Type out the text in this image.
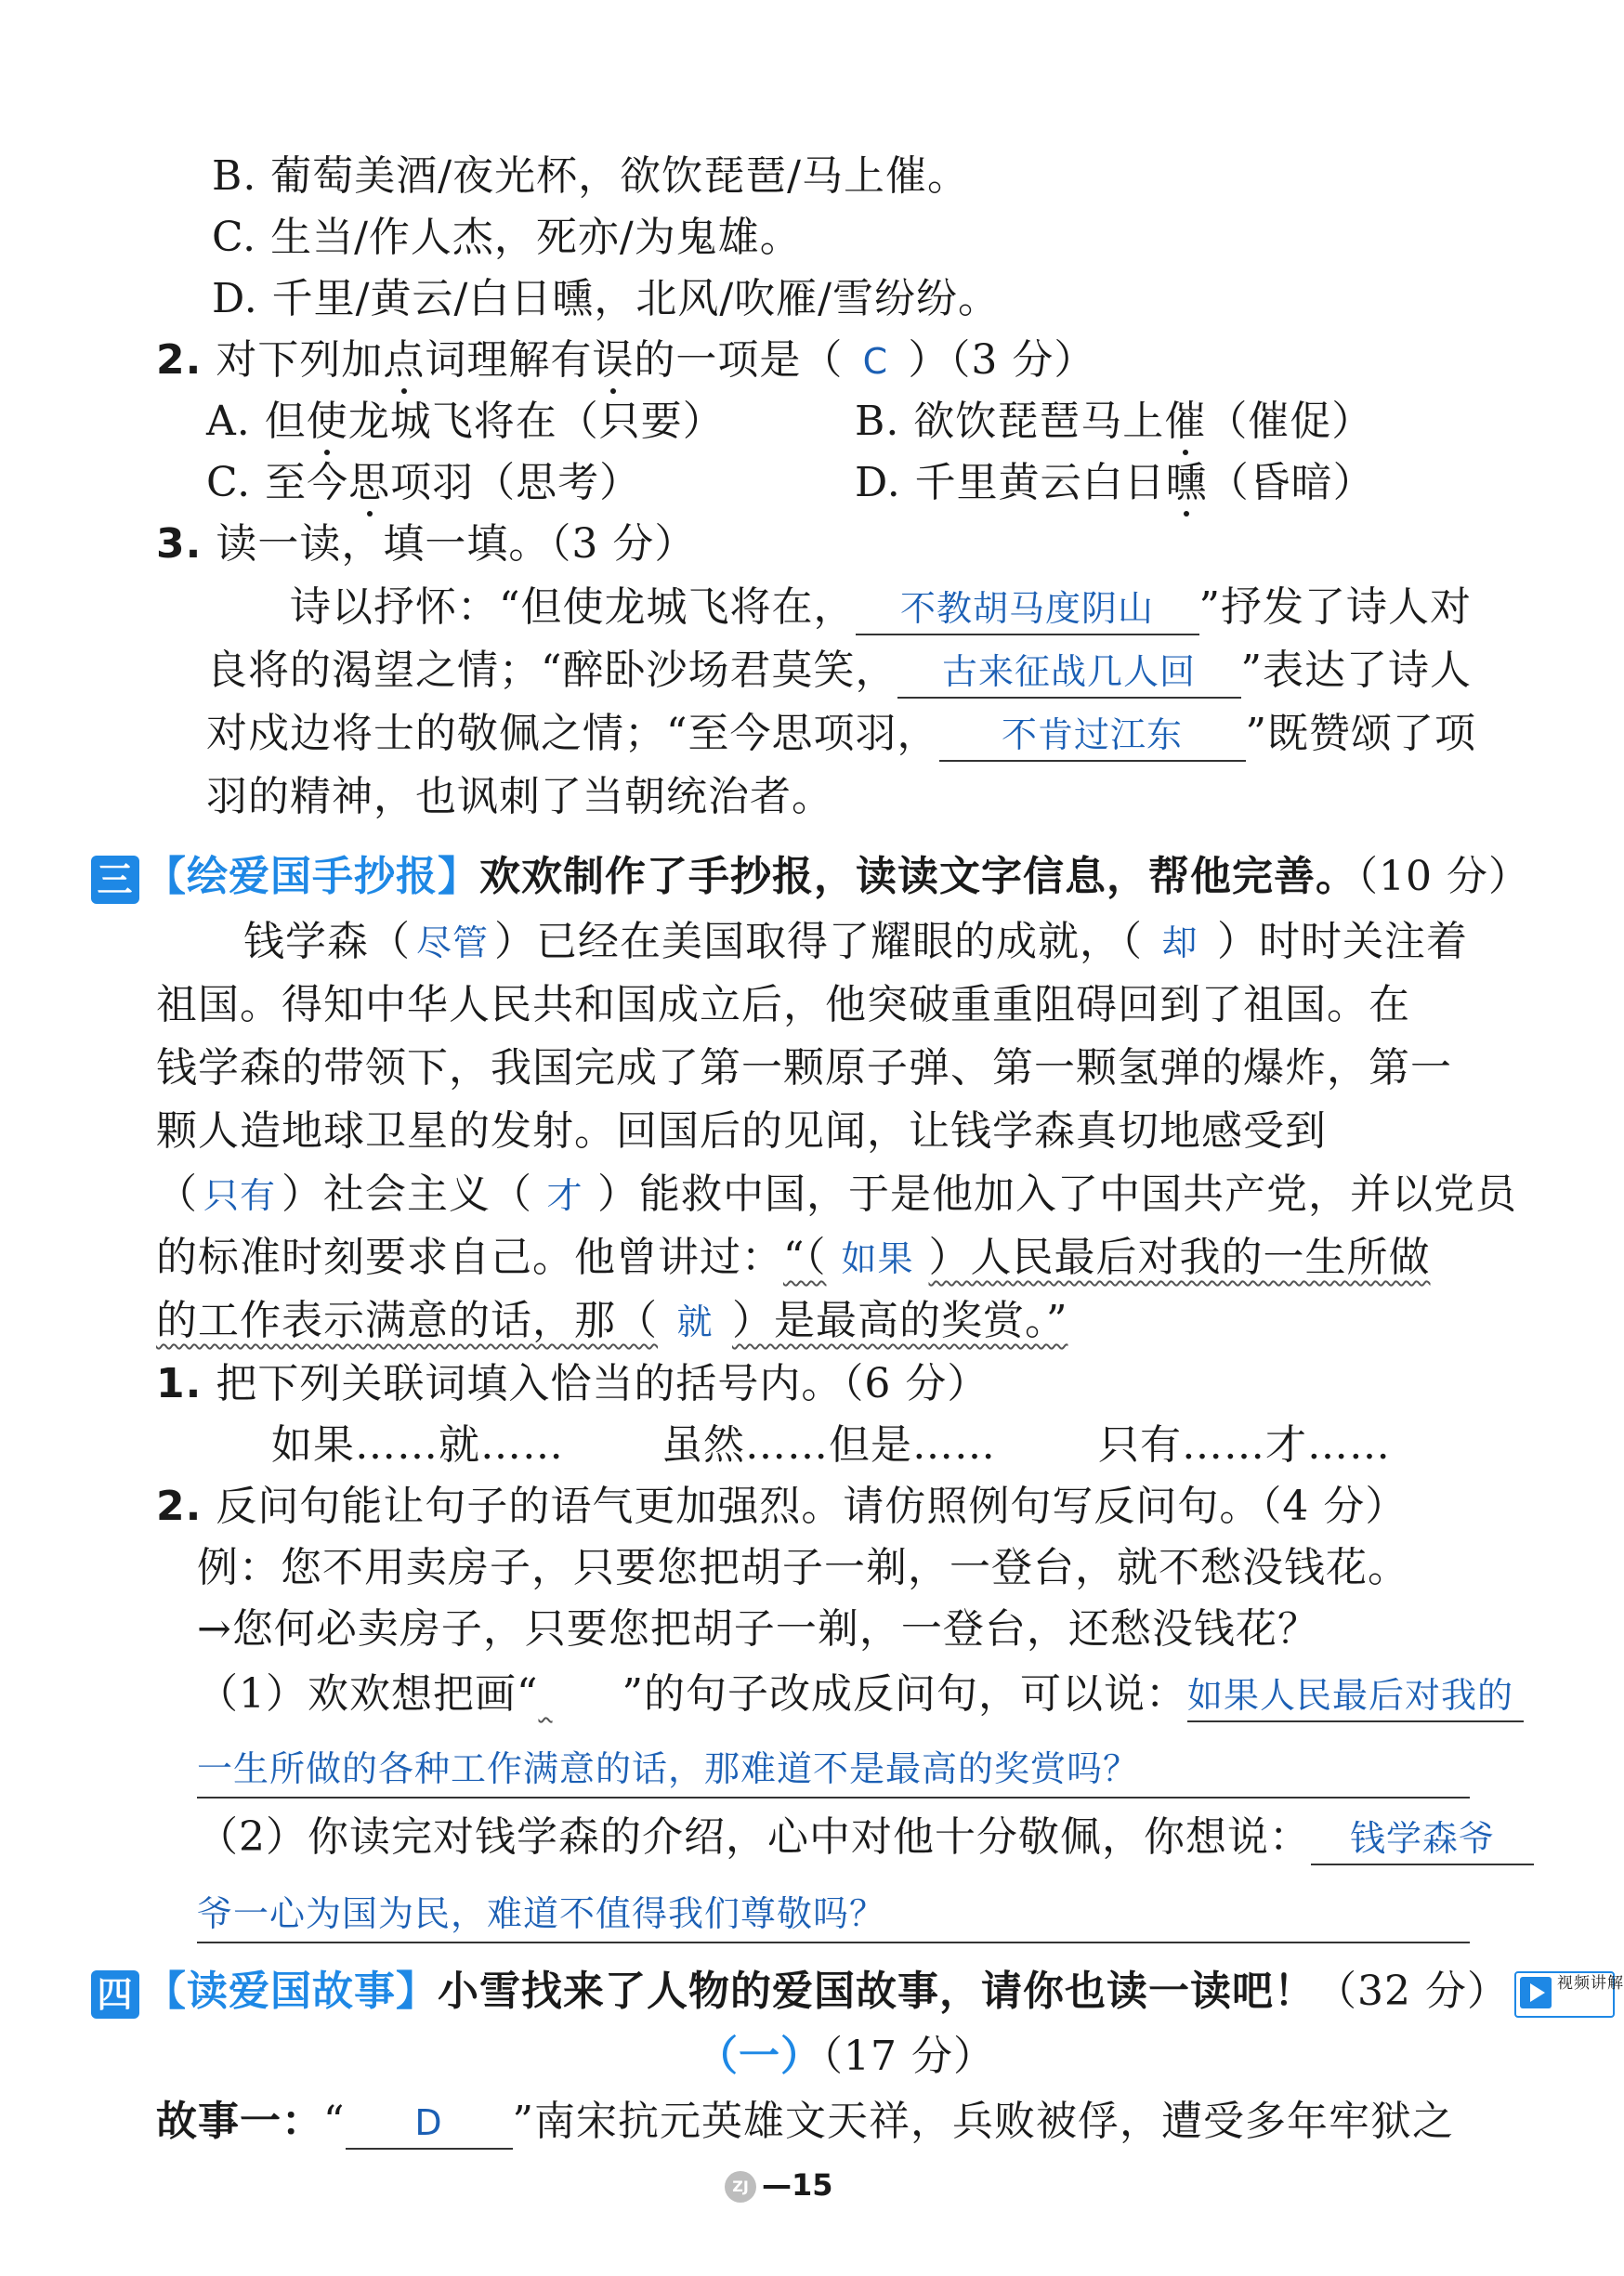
B. 葡萄美酒/夜光杯，欲饮琵琶/马上催。
C. 生当/作人杰，死亦/为鬼雄。
D. 千里/黄云/白日曛，北风/吹雁/雪纷纷。
2. 对下列加点词理解有误的一项是（ C ）（3 分）
A. 但使龙城飞将在（只要）	B. 欲饮琵琶马上催（催促）
C. 至今思项羽（思考）	D. 千里黄云白日曛（昏暗）
3. 读一读，填一填。（3 分）
诗以抒怀：“但使龙城飞将在， 不教胡马度阴山 ”抒发了诗人对
良将的渴望之情；“醉卧沙场君莫笑， 古来征战几人回 ”表达了诗人
对戍边将士的敬佩之情；“至今思项羽， 不肯过江东 ”既赞颂了项
羽的精神，也讽刺了当朝统治者。
三 【绘爱国手抄报】欢欢制作了手抄报，读读文字信息，帮他完善。（10 分）
钱学森（ 尽管 ）已经在美国取得了耀眼的成就，（ 却 ）时时关注着
祖国。得知中华人民共和国成立后，他突破重重阻碍回到了祖国。在
钱学森的带领下，我国完成了第一颗原子弹、第一颗氢弹的爆炸，第一
颗人造地球卫星的发射。回国后的见闻，让钱学森真切地感受到
（ 只有 ）社会主义（ 才 ）能救中国，于是他加入了中国共产党，并以党员
的标准时刻要求自己。他曾讲过：“（ 如果 ）人民最后对我的一生所做
的工作表示满意的话，那（ 就 ）是最高的奖赏。”
1. 把下列关联词填入恰当的括号内。（6 分）
如果……就…… 虽然……但是……	只有……才……
2. 反问句能让句子的语气更加强烈。请仿照例句写反问句。（4 分）
例：您不用卖房子，只要您把胡子一剃，一登台，就不愁没钱花。
→您何必卖房子，只要您把胡子一剃，一登台，还愁没钱花？
（1）欢欢想把画“ ”的句子改成反问句，可以说：如果人民最后对我的
一生所做的各种工作满意的话，那难道不是最高的奖赏吗？
（2）你读完对钱学森的介绍，心中对他十分敬佩，你想说： 钱学森爷
爷一心为国为民，难道不值得我们尊敬吗？
四 【读爱国故事】小雪找来了人物的爱国故事，请你也读一读吧！（32 分）	视频讲解
（一）（17 分）
故事一：“ D ”南宋抗元英雄文天祥，兵败被俘，遭受多年牢狱之
ZJ —15
